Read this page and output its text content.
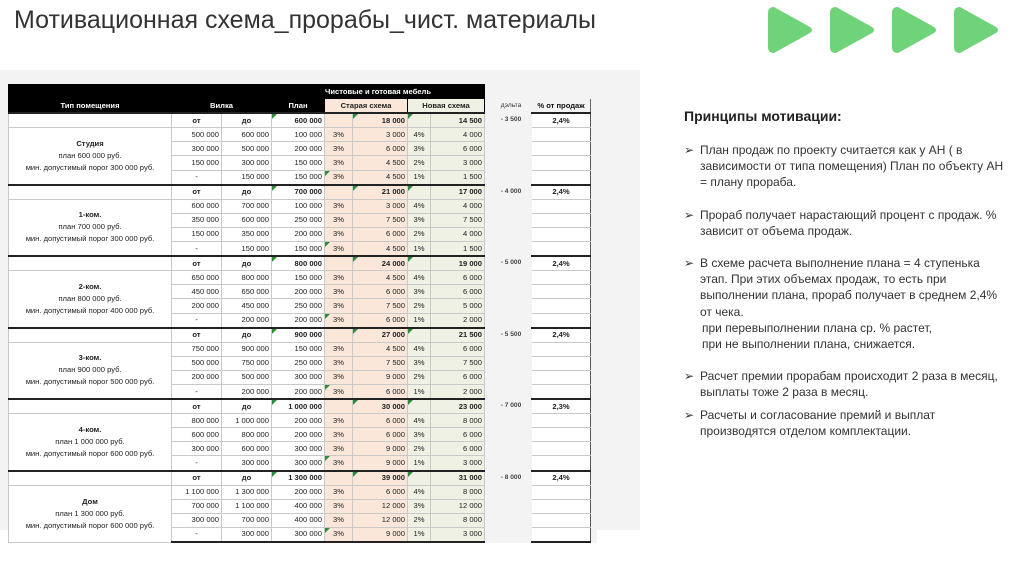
Мотивационная схема_прорабы_чист. материалы
			Чистовые и готовая мебель								
Тип помещения	Вилка		План	Старая схема		Новая схема			дэльта	% от продаж	
	от	до	600 000		18 000		14 500		- 3 500	2,4%	

Студия
план 600 000 руб.
мин. допустимый порог 300 000 руб.	500 000	600 000	100 000	3%	3 000	4%	4 000				
	300 000	500 000	200 000	3%	6 000	3%	6 000				
	150 000	300 000	150 000	3%	4 500	2%	3 000				
	-	150 000	150 000	3%	4 500	1%	1 500				
	от	до	700 000		21 000		17 000		- 4 000	2,4%	

1-ком.
план 700 000 руб.
мин. допустимый порог 300 000 руб.	600 000	700 000	100 000	3%	3 000	4%	4 000				
	350 000	600 000	250 000	3%	7 500	3%	7 500				
	150 000	350 000	200 000	3%	6 000	2%	4 000				
	-	150 000	150 000	3%	4 500	1%	1 500				
	от	до	800 000		24 000		19 000		- 5 000	2,4%	

2-ком.
план 800 000 руб.
мин. допустимый порог 400 000 руб.	650 000	800 000	150 000	3%	4 500	4%	6 000				
	450 000	650 000	200 000	3%	6 000	3%	6 000				
	200 000	450 000	250 000	3%	7 500	2%	5 000				
	-	200 000	200 000	3%	6 000	1%	2 000				
	от	до	900 000		27 000		21 500		- 5 500	2,4%	

3-ком.
план 900 000 руб.
мин. допустимый порог 500 000 руб.	750 000	900 000	150 000	3%	4 500	4%	6 000				
	500 000	750 000	250 000	3%	7 500	3%	7 500				
	200 000	500 000	300 000	3%	9 000	2%	6 000				
	-	200 000	200 000	3%	6 000	1%	2 000				
	от	до	1 000 000		30 000		23 000		- 7 000	2,3%	

4-ком.
план 1 000 000 руб.
мин. допустимый порог 600 000 руб.	800 000	1 000 000	200 000	3%	6 000	4%	8 000				
	600 000	800 000	200 000	3%	6 000	3%	6 000				
	300 000	600 000	300 000	3%	9 000	2%	6 000				
	-	300 000	300 000	3%	9 000	1%	3 000				
	от	до	1 300 000		39 000		31 000		- 8 000	2,4%	

Дом
план 1 300 000 руб.
мин. допустимый порог 600 000 руб.	1 100 000	1 300 000	200 000	3%	6 000	4%	8 000				
	700 000	1 100 000	400 000	3%	12 000	3%	12 000				
	300 000	700 000	400 000	3%	12 000	2%	8 000				
	-	300 000	300 000	3%	9 000	1%	3 000				
Принципы мотивации:
➢ План продаж по проекту считается как у АН ( в зависимости от типа помещения) План по объекту АН = плану прораба.
➢ Прораб получает нарастающий процент с продаж. % зависит от объема продаж.
➢ В схеме расчета выполнение плана = 4 ступенька этап. При этих объемах продаж, то есть при выполнении плана, прораб получает в среднем 2,4% от чека.
при перевыполнении плана ср. % растет,
при не выполнении плана, снижается.
➢ Расчет премии прорабам происходит 2 раза в месяц, выплаты тоже 2 раза в месяц.
➢ Расчеты и согласование премий и выплат производятся отделом комплектации.
